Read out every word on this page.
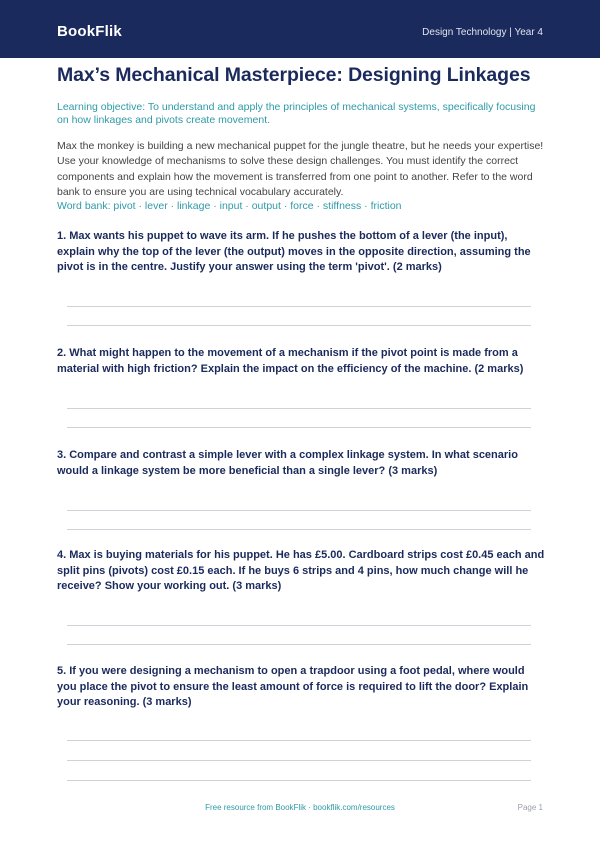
BookFlik	Design Technology | Year 4
Max’s Mechanical Masterpiece: Designing Linkages
Learning objective: To understand and apply the principles of mechanical systems, specifically focusing on how linkages and pivots create movement.
Max the monkey is building a new mechanical puppet for the jungle theatre, but he needs your expertise! Use your knowledge of mechanisms to solve these design challenges. You must identify the correct components and explain how the movement is transferred from one point to another. Refer to the word bank to ensure you are using technical vocabulary accurately.
Word bank: pivot · lever · linkage · input · output · force · stiffness · friction
1. Max wants his puppet to wave its arm. If he pushes the bottom of a lever (the input), explain why the top of the lever (the output) moves in the opposite direction, assuming the pivot is in the centre. Justify your answer using the term 'pivot'. (2 marks)
2. What might happen to the movement of a mechanism if the pivot point is made from a material with high friction? Explain the impact on the efficiency of the machine. (2 marks)
3. Compare and contrast a simple lever with a complex linkage system. In what scenario would a linkage system be more beneficial than a single lever? (3 marks)
4. Max is buying materials for his puppet. He has £5.00. Cardboard strips cost £0.45 each and split pins (pivots) cost £0.15 each. If he buys 6 strips and 4 pins, how much change will he receive? Show your working out. (3 marks)
5. If you were designing a mechanism to open a trapdoor using a foot pedal, where would you place the pivot to ensure the least amount of force is required to lift the door? Explain your reasoning. (3 marks)
Free resource from BookFlik · bookflik.com/resources	Page 1
